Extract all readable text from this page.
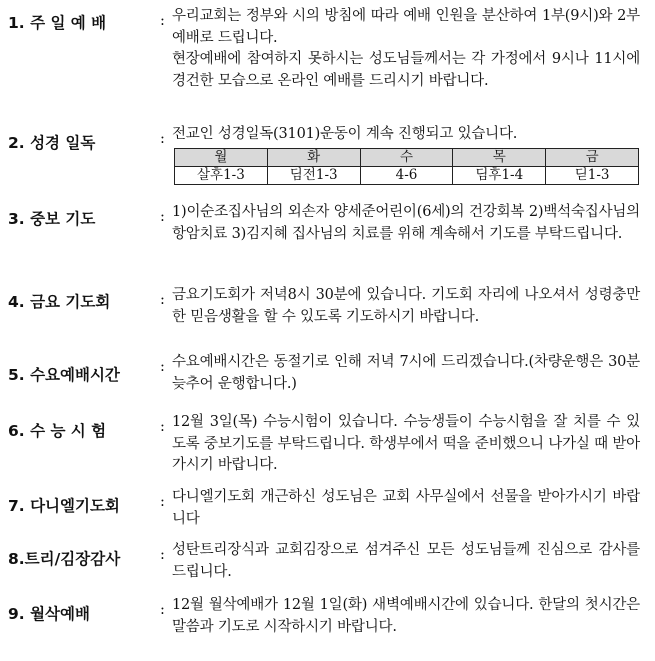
1. 주 일 예 배	: 우리교회는 정부와 시의 방침에 따라 예배 인원을 분산하여 1부(9시)와 2부 예배로 드립니다.

현장예배에 참여하지 못하시는 성도님들께서는 각 가정에서 9시나 11시에 경건한 모습으로 온라인 예배를 드리시기 바랍니다.

2. 성경 일독	: 전교인 성경일독(3101)운동이 계속 진행되고 있습니다.

월	화	수	목	금
살후1-3	딤전1-3	4-6	딤후1-4	딛1-3
3. 중보 기도	: 1)이순조집사님의 외손자 양세준어린이(6세)의 건강회복 2)백석숙집사님의 항암치료 3)김지혜 집사님의 치료를 위해 계속해서 기도를 부탁드립니다.

4. 금요 기도회	: 금요기도회가 저녁8시 30분에 있습니다. 기도회 자리에 나오셔서 성령충만한 믿음생활을 할 수 있도록 기도하시기 바랍니다.

5. 수요예배시간	: 수요예배시간은 동절기로 인해 저녁 7시에 드리겠습니다.(차량운행은 30분 늦추어 운행합니다.)

6. 수 능 시 험	: 12월 3일(목) 수능시험이 있습니다. 수능생들이 수능시험을 잘 치를 수 있도록 중보기도를 부탁드립니다. 학생부에서 떡을 준비했으니 나가실 때 받아가시기 바랍니다.

7. 다니엘기도회	: 다니엘기도회 개근하신 성도님은 교회 사무실에서 선물을 받아가시기 바랍니다

8.트리/김장감사	: 성탄트리장식과 교회김장으로 섬겨주신 모든 성도님들께 진심으로 감사를 드립니다.

9. 월삭예배	: 12월 월삭예배가 12월 1일(화) 새벽예배시간에 있습니다. 한달의 첫시간은 말씀과 기도로 시작하시기 바랍니다.
